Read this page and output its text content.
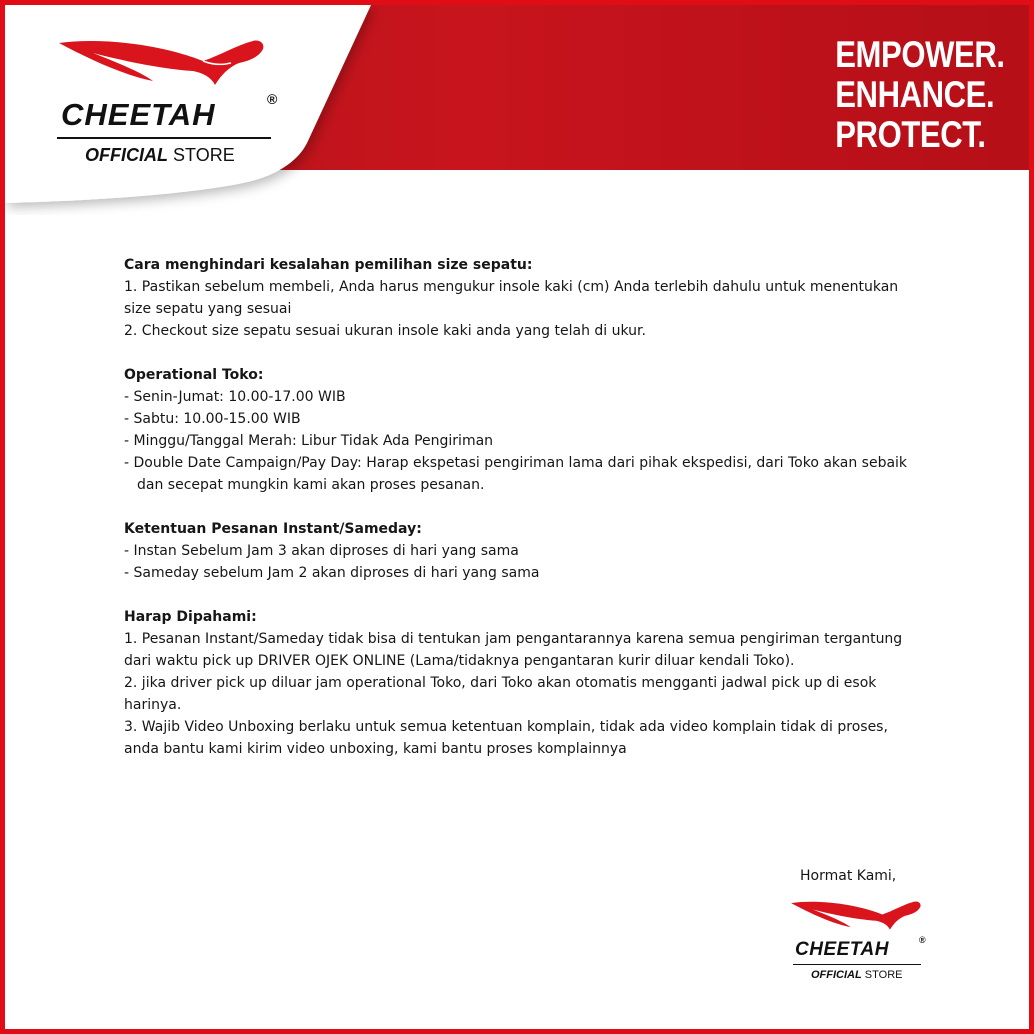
EMPOWER.
ENHANCE.
PROTECT.
CHEETAH	®
OFFICIAL STORE
Cara menghindari kesalahan pemilihan size sepatu:
1. Pastikan sebelum membeli, Anda harus mengukur insole kaki (cm) Anda terlebih dahulu untuk menentukan size sepatu yang sesuai
2. Checkout size sepatu sesuai ukuran insole kaki anda yang telah di ukur.
Operational Toko:
- Senin-Jumat: 10.00-17.00 WIB
- Sabtu: 10.00-15.00 WIB
- Minggu/Tanggal Merah: Libur Tidak Ada Pengiriman
- Double Date Campaign/Pay Day: Harap ekspetasi pengiriman lama dari pihak ekspedisi, dari Toko akan sebaik dan secepat mungkin kami akan proses pesanan.
Ketentuan Pesanan Instant/Sameday:
- Instan Sebelum Jam 3 akan diproses di hari yang sama
- Sameday sebelum Jam 2 akan diproses di hari yang sama
Harap Dipahami:
1. Pesanan Instant/Sameday tidak bisa di tentukan jam pengantarannya karena semua pengiriman tergantung dari waktu pick up DRIVER OJEK ONLINE (Lama/tidaknya pengantaran kurir diluar kendali Toko).
2. jika driver pick up diluar jam operational Toko, dari Toko akan otomatis mengganti jadwal pick up di esok harinya.
3. Wajib Video Unboxing berlaku untuk semua ketentuan komplain, tidak ada video komplain tidak di proses, anda bantu kami kirim video unboxing, kami bantu proses komplainnya
Hormat Kami,
CHEETAH	®
OFFICIAL STORE
